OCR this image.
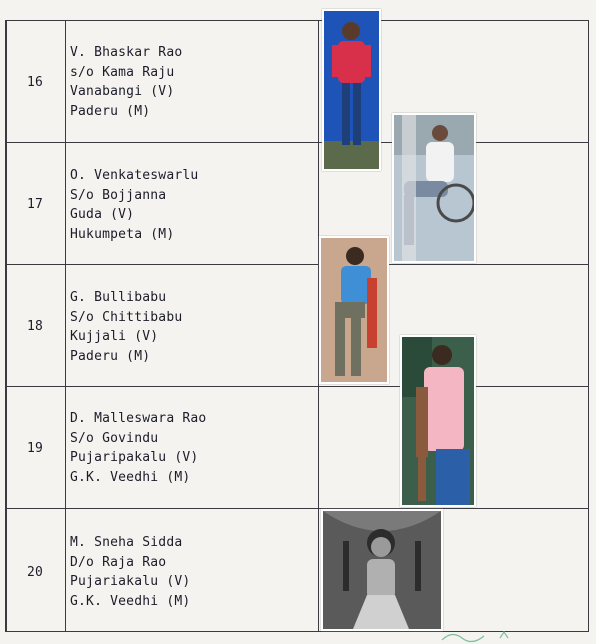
16
V. Bhaskar Rao
s/o Kama Raju
Vanabangi (V)
Paderu (M)
17
O. Venkateswarlu
S/o Bojjanna
Guda (V)
Hukumpeta (M)
18
G. Bullibabu
S/o Chittibabu
Kujjali (V)
Paderu (M)
19
D. Malleswara Rao
S/o Govindu
Pujaripakalu (V)
G.K. Veedhi (M)
20
M. Sneha Sidda
D/o Raja Rao
Pujariakalu (V)
G.K. Veedhi (M)
